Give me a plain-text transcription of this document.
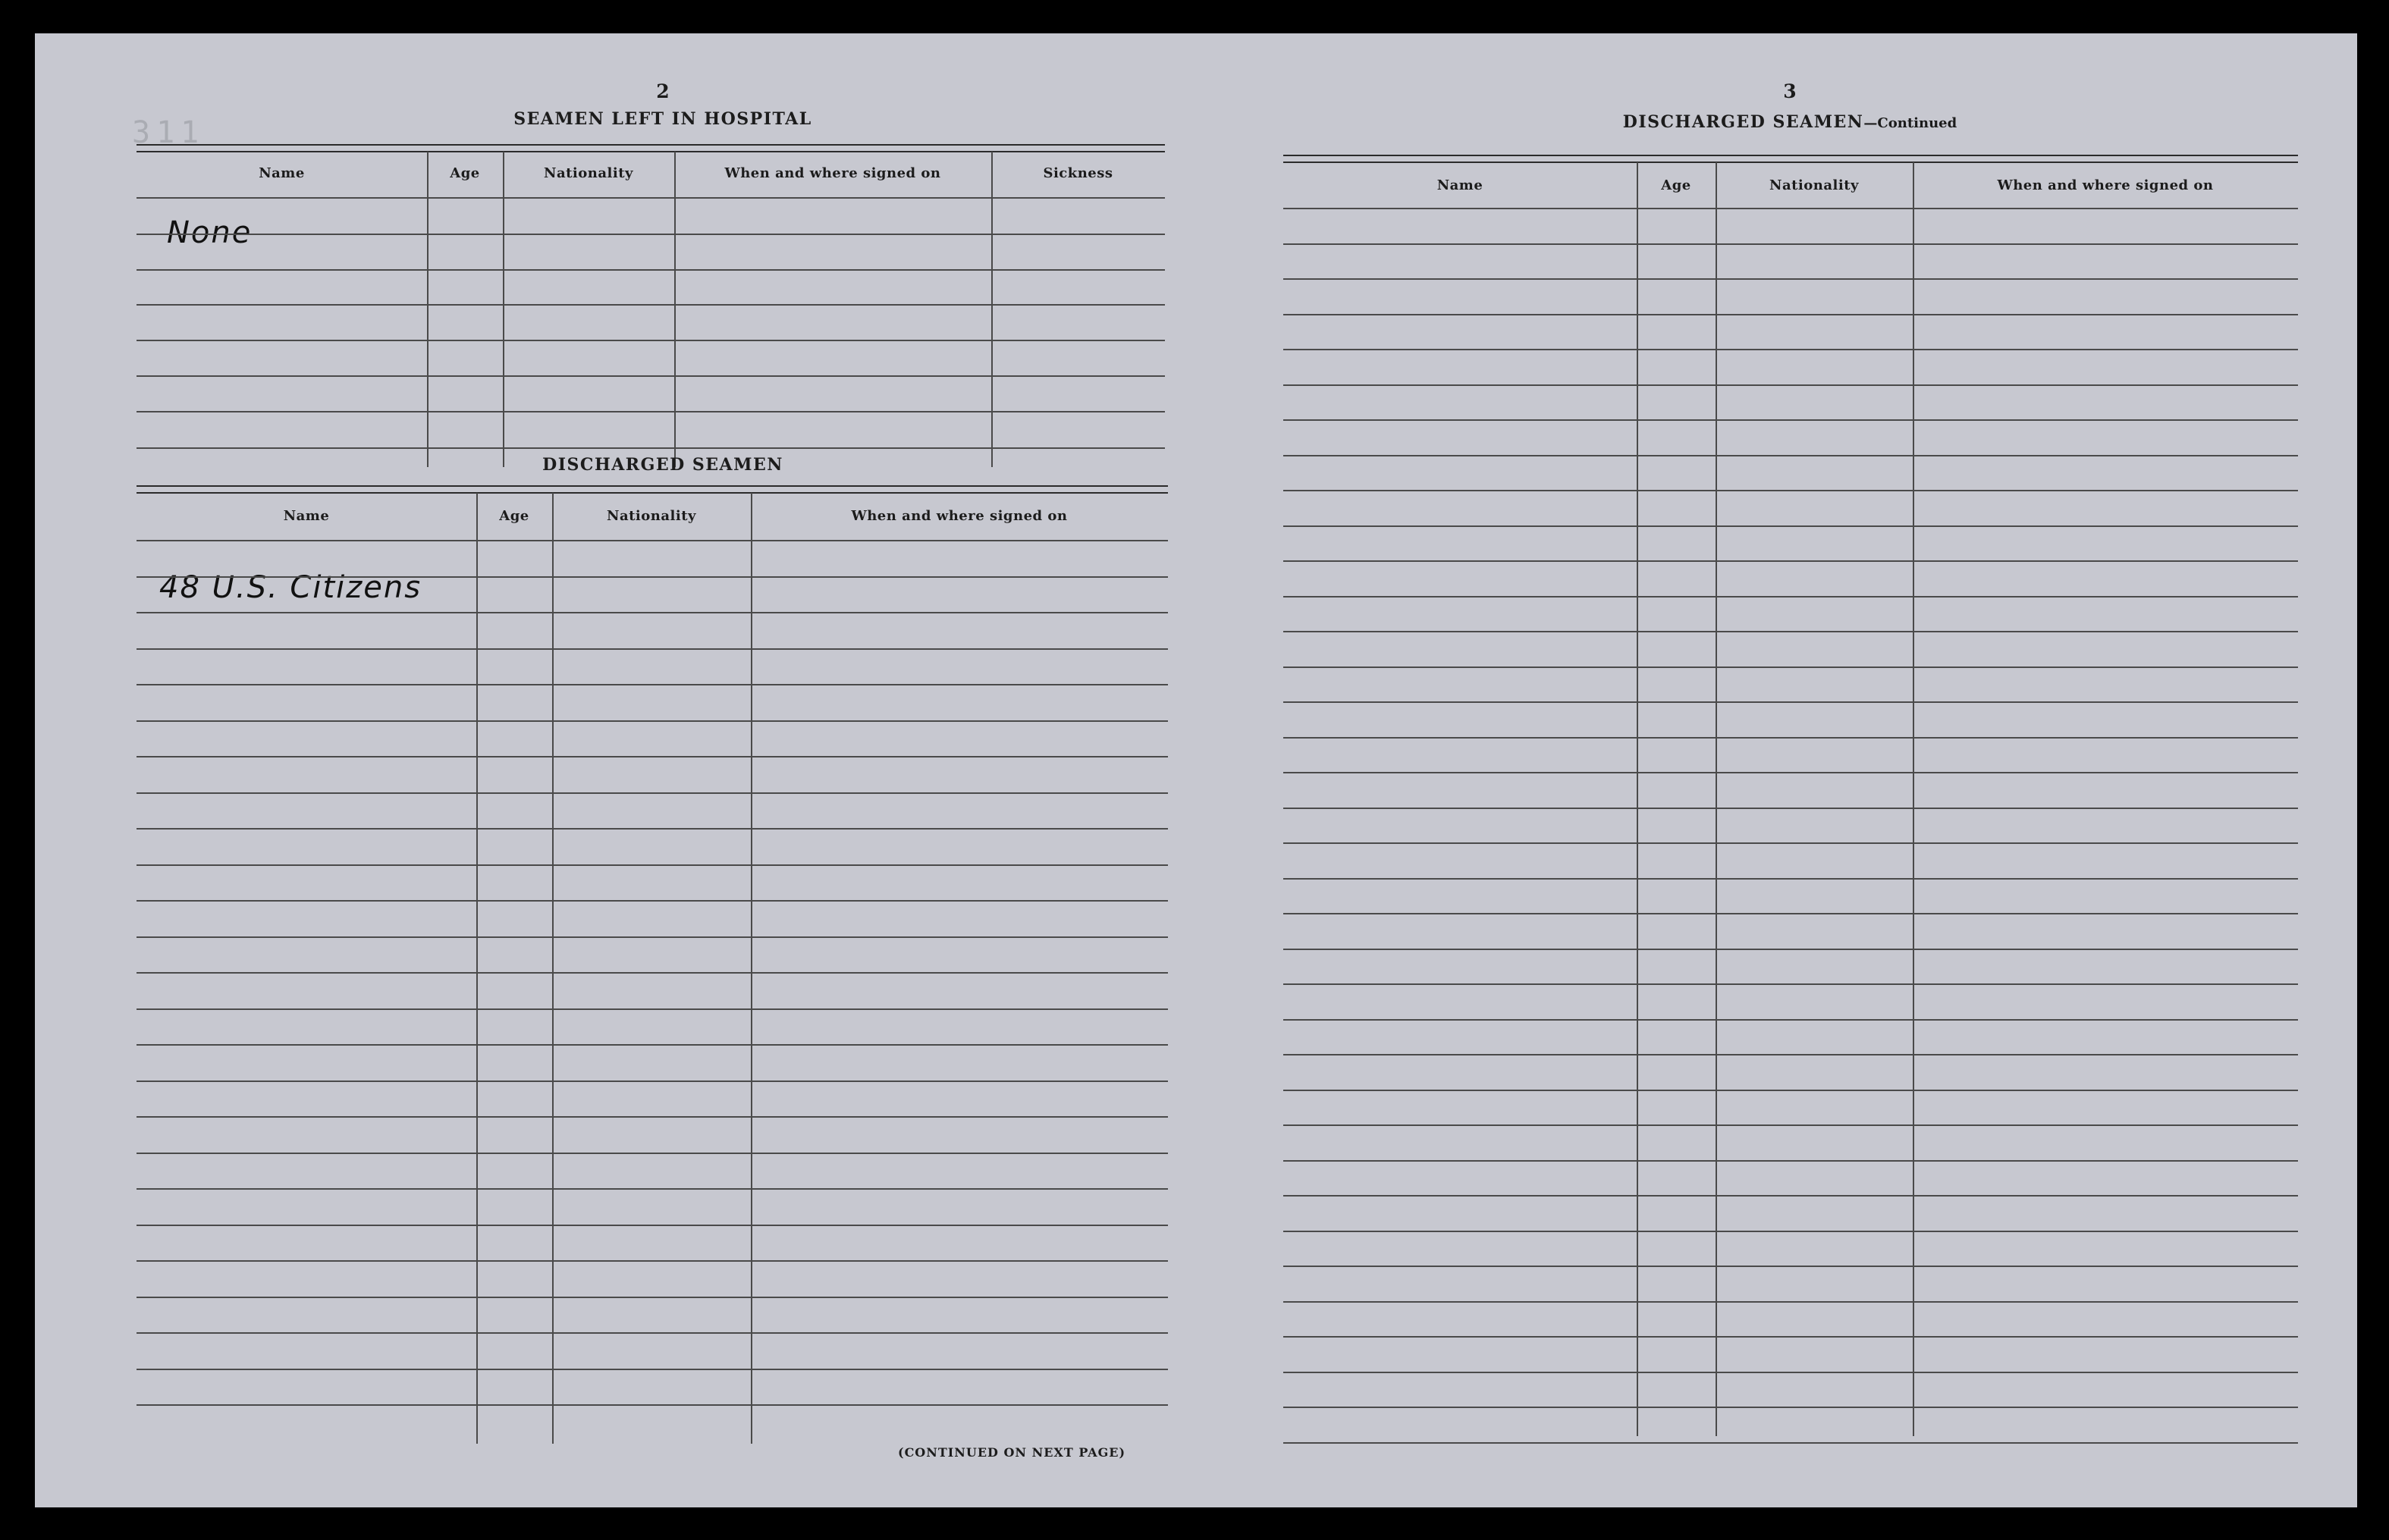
311
2
SEAMEN LEFT IN HOSPITAL
Name	Age	Nationality	When and where signed on	Sickness
None
DISCHARGED SEAMEN
Name	Age	Nationality	When and where signed on
48 U.S. Citizens
(CONTINUED ON NEXT PAGE)
3
DISCHARGED SEAMEN—Continued
Name	Age	Nationality	When and where signed on
